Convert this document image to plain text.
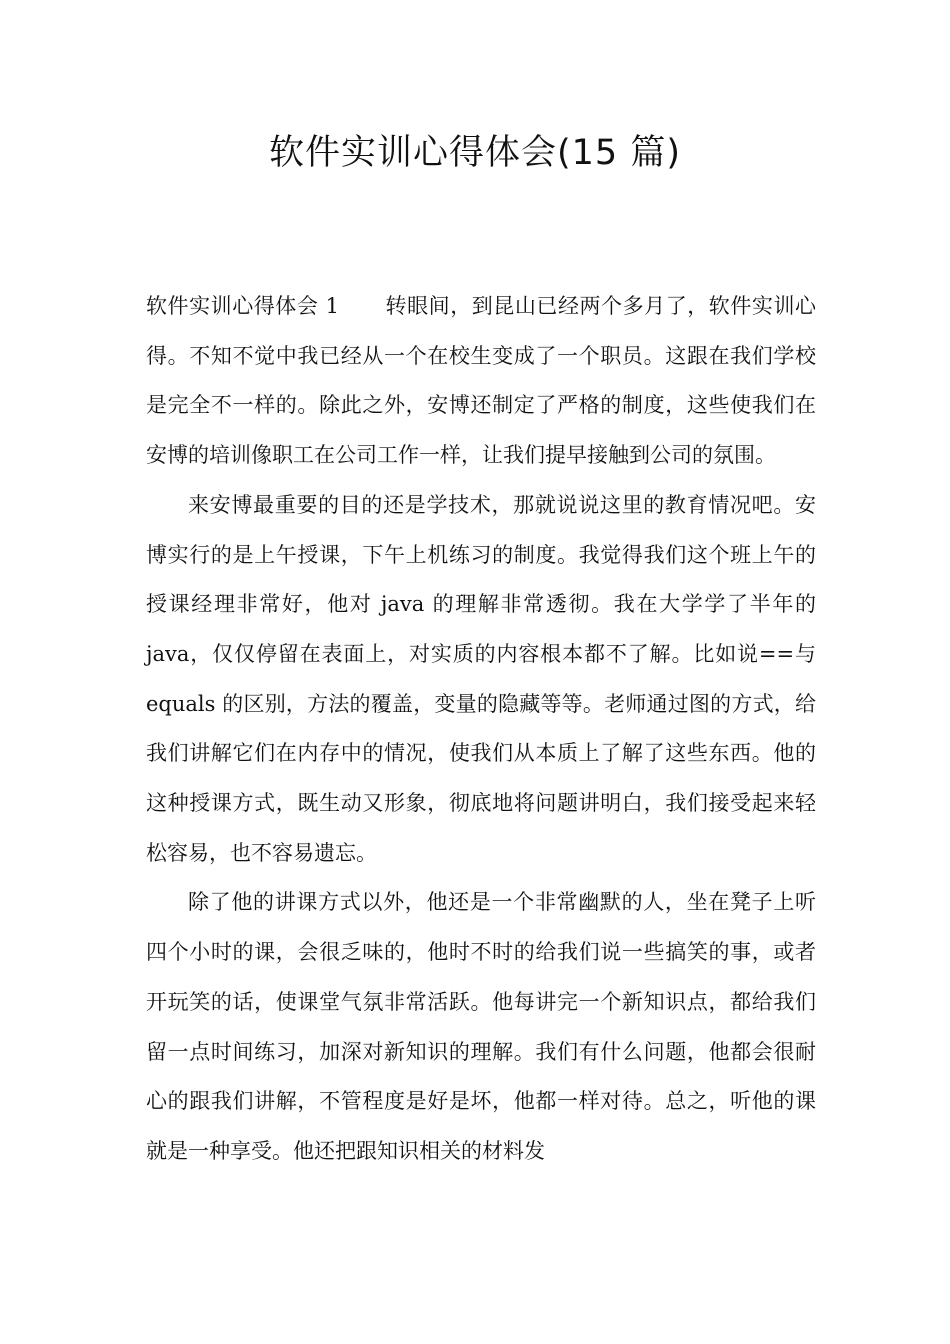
软件实训心得体会(15 篇)

软件实训心得体会 1 转眼间，到昆山已经两个多月了，软件实训心得。不知不觉中我已经从一个在校生变成了一个职员。这跟在我们学校是完全不一样的。除此之外，安博还制定了严格的制度，这些使我们在安博的培训像职工在公司工作一样，让我们提早接触到公司的氛围。

来安博最重要的目的还是学技术，那就说说这里的教育情况吧。安博实行的是上午授课，下午上机练习的制度。我觉得我们这个班上午的授课经理非常好，他对 java 的理解非常透彻。我在大学学了半年的 java，仅仅停留在表面上，对实质的内容根本都不了解。比如说==与 equals 的区别，方法的覆盖，变量的隐藏等等。老师通过图的方式，给我们讲解它们在内存中的情况，使我们从本质上了解了这些东西。他的这种授课方式，既生动又形象，彻底地将问题讲明白，我们接受起来轻松容易，也不容易遗忘。

除了他的讲课方式以外，他还是一个非常幽默的人，坐在凳子上听四个小时的课，会很乏味的，他时不时的给我们说一些搞笑的事，或者开玩笑的话，使课堂气氛非常活跃。他每讲完一个新知识点，都给我们留一点时间练习，加深对新知识的理解。我们有什么问题，他都会很耐心的跟我们讲解，不管程度是好是坏，他都一样对待。总之，听他的课就是一种享受。他还把跟知识相关的材料发
